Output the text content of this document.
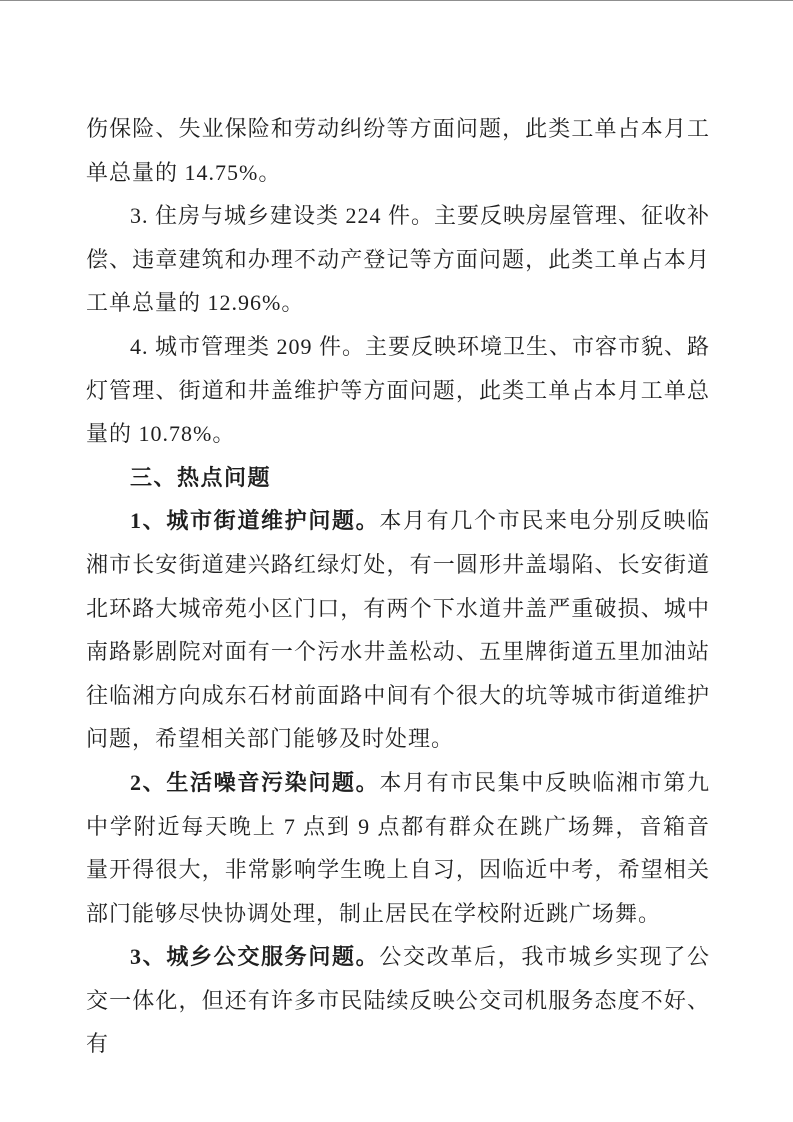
伤保险、失业保险和劳动纠纷等方面问题，此类工单占本月工单总量的 14.75%。

3. 住房与城乡建设类 224 件。主要反映房屋管理、征收补偿、违章建筑和办理不动产登记等方面问题，此类工单占本月工单总量的 12.96%。

4. 城市管理类 209 件。主要反映环境卫生、市容市貌、路灯管理、街道和井盖维护等方面问题，此类工单占本月工单总量的 10.78%。

三、热点问题

1、城市街道维护问题。本月有几个市民来电分别反映临湘市长安街道建兴路红绿灯处，有一圆形井盖塌陷、长安街道北环路大城帝苑小区门口，有两个下水道井盖严重破损、城中南路影剧院对面有一个污水井盖松动、五里牌街道五里加油站往临湘方向成东石材前面路中间有个很大的坑等城市街道维护问题，希望相关部门能够及时处理。

2、生活噪音污染问题。本月有市民集中反映临湘市第九中学附近每天晚上 7 点到 9 点都有群众在跳广场舞，音箱音量开得很大，非常影响学生晚上自习，因临近中考，希望相关部门能够尽快协调处理，制止居民在学校附近跳广场舞。

3、城乡公交服务问题。公交改革后，我市城乡实现了公交一体化，但还有许多市民陆续反映公交司机服务态度不好、有
